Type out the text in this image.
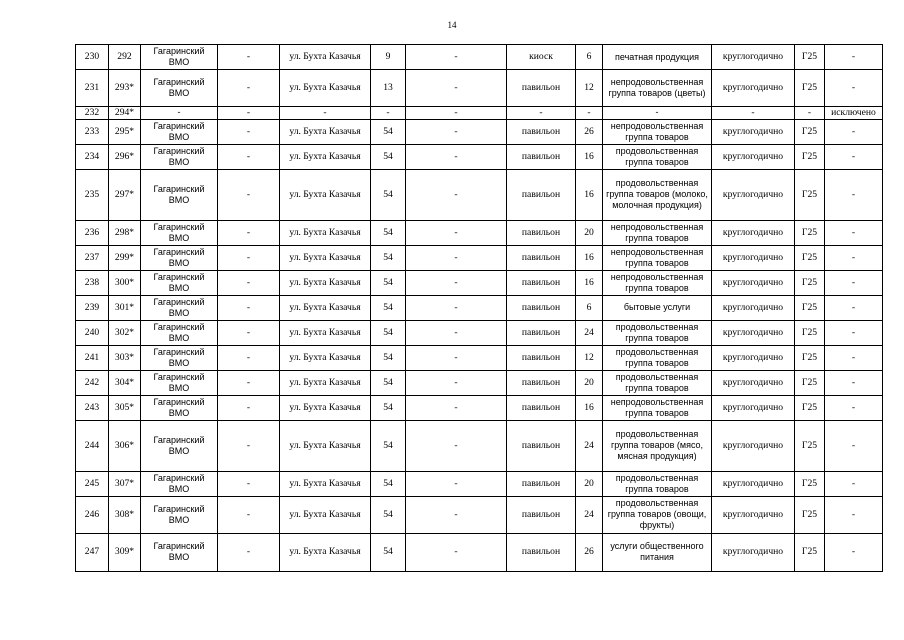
14
230	292	Гагаринский ВМО	-	ул. Бухта Казачья	9	-	киоск	6	печатная продукция	круглогодично	Г25	-
231	293*	Гагаринский ВМО	-	ул. Бухта Казачья	13	-	павильон	12	непродовольственная группа товаров (цветы)	круглогодично	Г25	-
232	294*	-	-	-	-	-	-	-	-	-	-	исключено
233	295*	Гагаринский ВМО	-	ул. Бухта Казачья	54	-	павильон	26	непродовольственная группа товаров	круглогодично	Г25	-
234	296*	Гагаринский ВМО	-	ул. Бухта Казачья	54	-	павильон	16	продовольственная группа товаров	круглогодично	Г25	-
235	297*	Гагаринский ВМО	-	ул. Бухта Казачья	54	-	павильон	16	продовольственная группа товаров (молоко, молочная продукция)	круглогодично	Г25	-
236	298*	Гагаринский ВМО	-	ул. Бухта Казачья	54	-	павильон	20	непродовольственная группа товаров	круглогодично	Г25	-
237	299*	Гагаринский ВМО	-	ул. Бухта Казачья	54	-	павильон	16	непродовольственная группа товаров	круглогодично	Г25	-
238	300*	Гагаринский ВМО	-	ул. Бухта Казачья	54	-	павильон	16	непродовольственная группа товаров	круглогодично	Г25	-
239	301*	Гагаринский ВМО	-	ул. Бухта Казачья	54	-	павильон	6	бытовые услуги	круглогодично	Г25	-
240	302*	Гагаринский ВМО	-	ул. Бухта Казачья	54	-	павильон	24	продовольственная группа товаров	круглогодично	Г25	-
241	303*	Гагаринский ВМО	-	ул. Бухта Казачья	54	-	павильон	12	продовольственная группа товаров	круглогодично	Г25	-
242	304*	Гагаринский ВМО	-	ул. Бухта Казачья	54	-	павильон	20	продовольственная группа товаров	круглогодично	Г25	-
243	305*	Гагаринский ВМО	-	ул. Бухта Казачья	54	-	павильон	16	непродовольственная группа товаров	круглогодично	Г25	-
244	306*	Гагаринский ВМО	-	ул. Бухта Казачья	54	-	павильон	24	продовольственная группа товаров (мясо, мясная продукция)	круглогодично	Г25	-
245	307*	Гагаринский ВМО	-	ул. Бухта Казачья	54	-	павильон	20	продовольственная группа товаров	круглогодично	Г25	-
246	308*	Гагаринский ВМО	-	ул. Бухта Казачья	54	-	павильон	24	продовольственная группа товаров (овощи, фрукты)	круглогодично	Г25	-
247	309*	Гагаринский ВМО	-	ул. Бухта Казачья	54	-	павильон	26	услуги общественного питания	круглогодично	Г25	-
